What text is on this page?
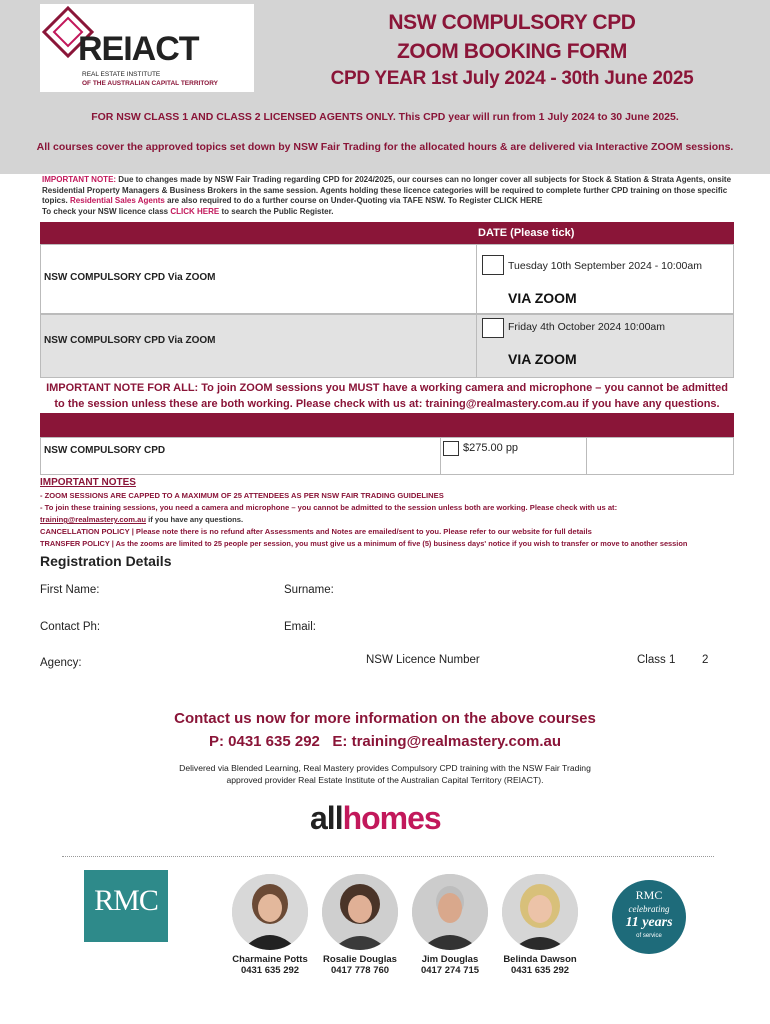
REIACT
REAL ESTATE INSTITUTE
OF THE AUSTRALIAN CAPITAL TERRITORY
NSW COMPULSORY CPD
ZOOM BOOKING FORM
CPD YEAR 1st July 2024 - 30th June 2025
FOR NSW CLASS 1 AND CLASS 2 LICENSED AGENTS ONLY. This CPD year will run from 1 July 2024 to 30 June 2025.
All courses cover the approved topics set down by NSW Fair Trading for the allocated hours & are delivered via Interactive ZOOM sessions.
IMPORTANT NOTE: Due to changes made by NSW Fair Trading regarding CPD for 2024/2025, our courses can no longer cover all subjects for Stock & Station & Strata Agents, onsite Residential Property Managers & Business Brokers in the same session. Agents holding these licence categories will be required to complete further CPD training on those specific topics. Residential Sales Agents are also required to do a further course on Under-Quoting via TAFE NSW. To Register CLICK HERE
To check your NSW licence class CLICK HERE to search the Public Register.
DATE (Please tick)
NSW COMPULSORY CPD Via ZOOM
Tuesday 10th September 2024 - 10:00am
VIA ZOOM
NSW COMPULSORY CPD Via ZOOM
Friday 4th October 2024 10:00am
VIA ZOOM
IMPORTANT NOTE FOR ALL: To join ZOOM sessions you MUST have a working camera and microphone – you cannot be admitted
to the session unless these are both working. Please check with us at: training@realmastery.com.au if you have any questions.
NSW COMPULSORY CPD	$275.00 pp
IMPORTANT NOTES
- ZOOM SESSIONS ARE CAPPED TO A MAXIMUM OF 25 ATTENDEES AS PER NSW FAIR TRADING GUIDELINES
- To join these training sessions, you need a camera and microphone – you cannot be admitted to the session unless both are working. Please check with us at:
training@realmastery.com.au if you have any questions.
CANCELLATION POLICY | Please note there is no refund after Assessments and Notes are emailed/sent to you. Please refer to our website for full details
TRANSFER POLICY | As the zooms are limited to 25 people per session, you must give us a minimum of five (5) business days' notice if you wish to transfer or move to another session
Registration Details
First Name:	Surname:
Contact Ph:	Email:
Agency:	NSW Licence Number	Class 1 2
Contact us now for more information on the above courses
P: 0431 635 292 E: training@realmastery.com.au
Delivered via Blended Learning, Real Mastery provides Compulsory CPD training with the NSW Fair Trading
approved provider Real Estate Institute of the Australian Capital Territory (REIACT).
allhomes
RMC
Charmaine Potts
0431 635 292
Rosalie Douglas
0417 778 760
Jim Douglas
0417 274 715
Belinda Dawson
0431 635 292
RMC
celebrating
11 years
of service
